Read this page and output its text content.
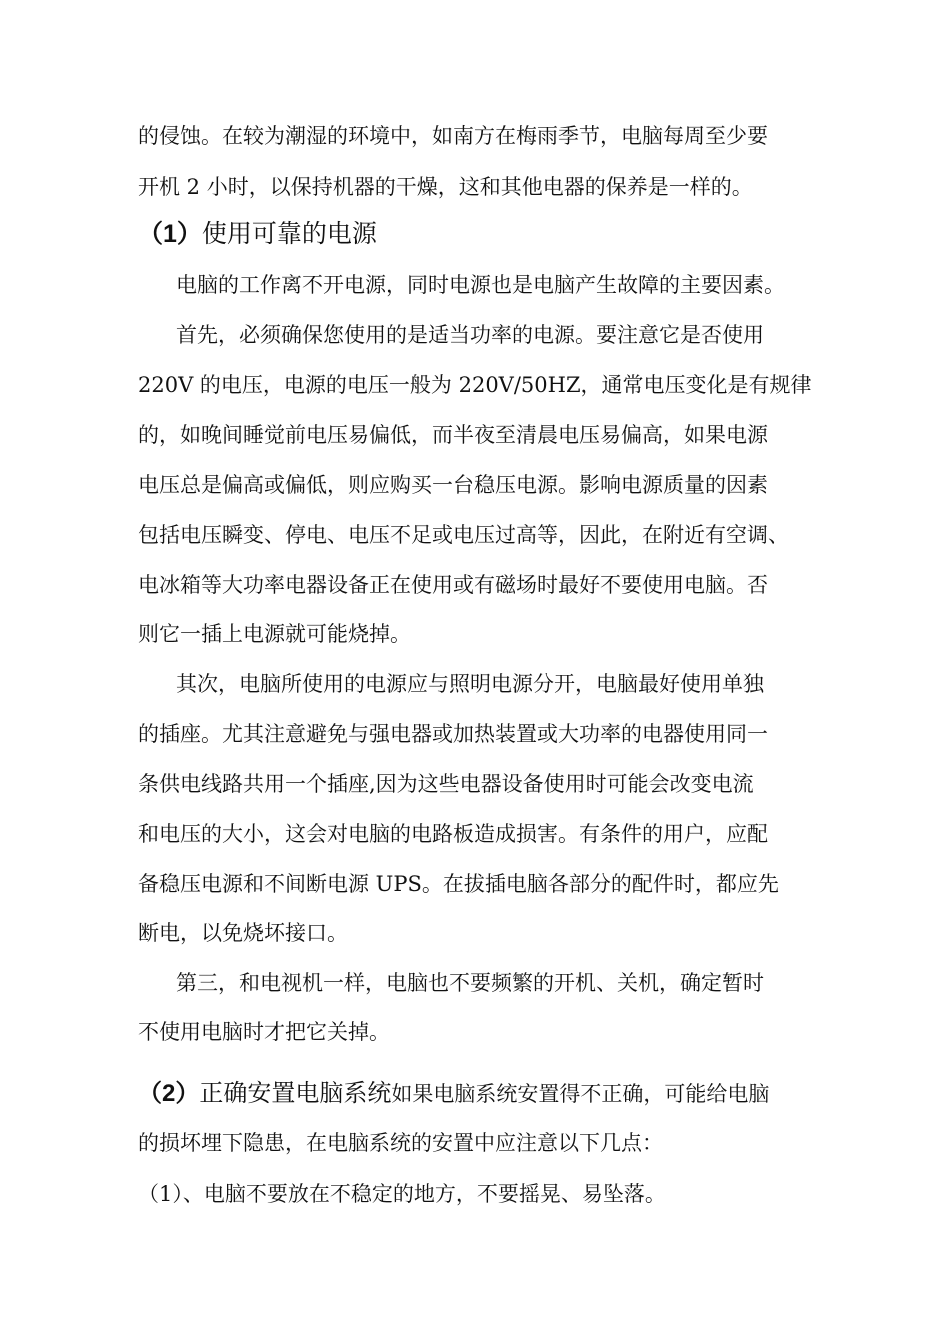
的侵蚀。在较为潮湿的环境中，如南方在梅雨季节，电脑每周至少要

开机 2 小时，以保持机器的干燥，这和其他电器的保养是一样的。

（1）使用可靠的电源

电脑的工作离不开电源，同时电源也是电脑产生故障的主要因素。

首先，必须确保您使用的是适当功率的电源。要注意它是否使用

220V 的电压，电源的电压一般为 220V/50HZ，通常电压变化是有规律

的，如晚间睡觉前电压易偏低，而半夜至清晨电压易偏高，如果电源

电压总是偏高或偏低，则应购买一台稳压电源。影响电源质量的因素

包括电压瞬变、停电、电压不足或电压过高等，因此，在附近有空调、

电冰箱等大功率电器设备正在使用或有磁场时最好不要使用电脑。否

则它一插上电源就可能烧掉。

其次，电脑所使用的电源应与照明电源分开，电脑最好使用单独

的插座。尤其注意避免与强电器或加热装置或大功率的电器使用同一

条供电线路共用一个插座,因为这些电器设备使用时可能会改变电流

和电压的大小，这会对电脑的电路板造成损害。有条件的用户，应配

备稳压电源和不间断电源 UPS。在拔插电脑各部分的配件时，都应先

断电，以免烧坏接口。

第三，和电视机一样，电脑也不要频繁的开机、关机，确定暂时

不使用电脑时才把它关掉。

（2）正确安置电脑系统如果电脑系统安置得不正确，可能给电脑

的损坏埋下隐患，在电脑系统的安置中应注意以下几点：

（1）、电脑不要放在不稳定的地方，不要摇晃、易坠落。
